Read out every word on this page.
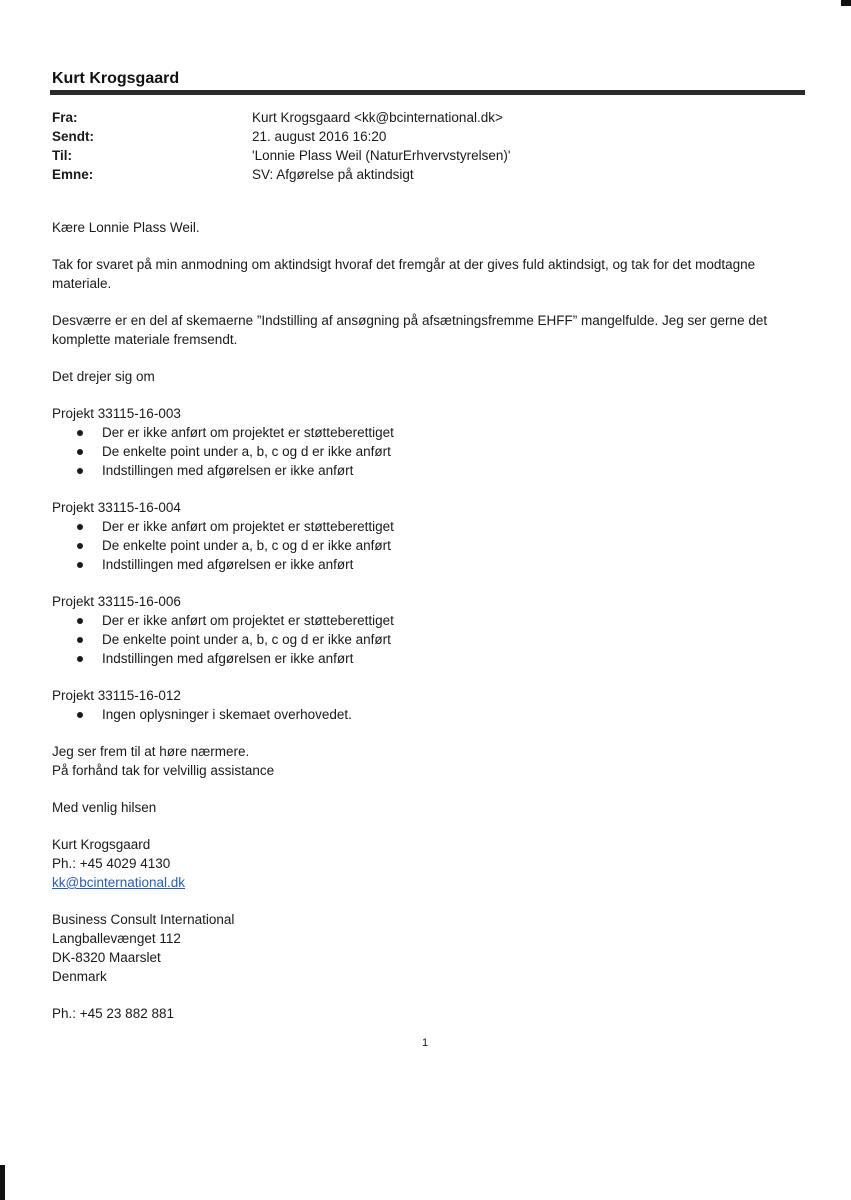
Kurt Krogsgaard
Fra:	Kurt Krogsgaard <kk@bcinternational.dk>
Sendt:	21. august 2016 16:20
Til:	'Lonnie Plass Weil (NaturErhvervstyrelsen)'
Emne:	SV: Afgørelse på aktindsigt

Kære Lonnie Plass Weil.

Tak for svaret på min anmodning om aktindsigt hvoraf det fremgår at der gives fuld aktindsigt, og tak for det modtagne materiale.

Desværre er en del af skemaerne ”Indstilling af ansøgning på afsætningsfremme EHFF” mangelfulde. Jeg ser gerne det komplette materiale fremsendt.

Det drejer sig om

Projekt 33115-16-003
Der er ikke anført om projektet er støtteberettiget
De enkelte point under a, b, c og d er ikke anført
Indstillingen med afgørelsen er ikke anført
Projekt 33115-16-004
Der er ikke anført om projektet er støtteberettiget
De enkelte point under a, b, c og d er ikke anført
Indstillingen med afgørelsen er ikke anført
Projekt 33115-16-006
Der er ikke anført om projektet er støtteberettiget
De enkelte point under a, b, c og d er ikke anført
Indstillingen med afgørelsen er ikke anført
Projekt 33115-16-012
Ingen oplysninger i skemaet overhovedet.

Jeg ser frem til at høre nærmere.
På forhånd tak for velvillig assistance

Med venlig hilsen

Kurt Krogsgaard
Ph.: +45 4029 4130
kk@bcinternational.dk

Business Consult International
Langballevænget 112
DK-8320 Maarslet
Denmark

Ph.: +45 23 882 881

1
